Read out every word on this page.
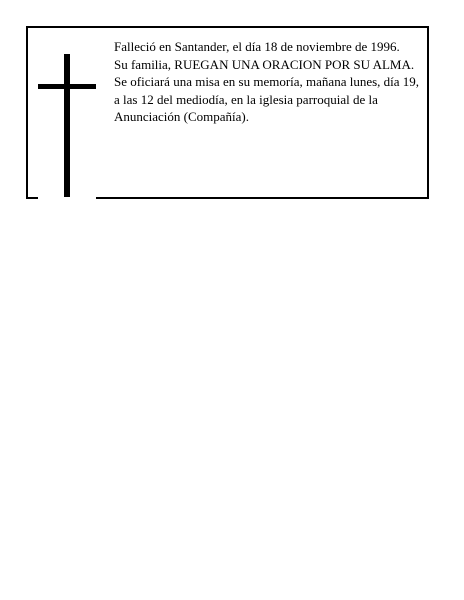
Falleció en Santander, el día 18 de noviembre de 1996.

Su familia, RUEGAN UNA ORACION POR SU ALMA.

Se oficiará una misa en su memoría, mañana lunes, día 19, a las 12 del mediodía, en la iglesia parroquial de la Anunciación (Compañía).
